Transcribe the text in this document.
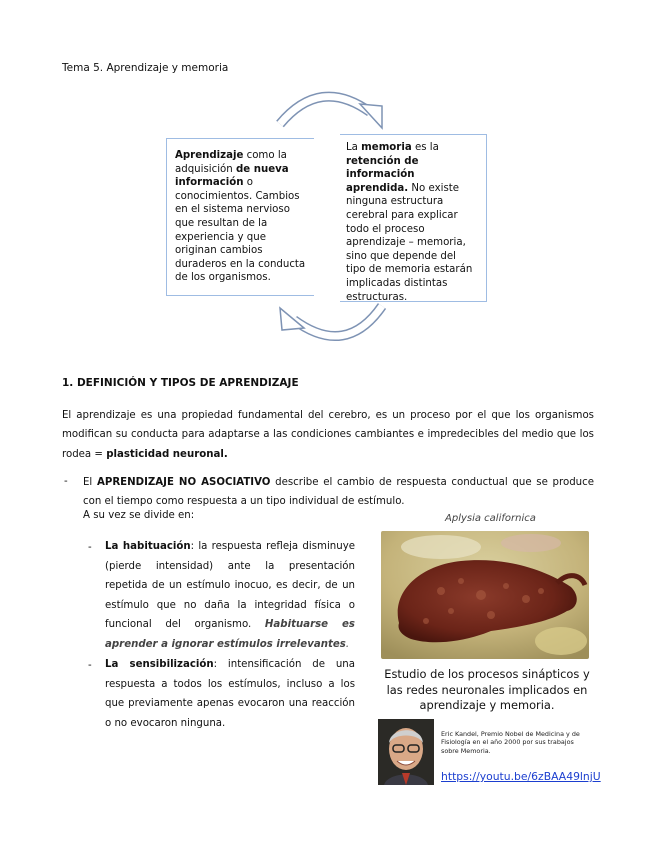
Tema 5. Aprendizaje y memoria
Aprendizaje como la adquisición de nueva información o conocimientos. Cambios en el sistema nervioso que resultan de la experiencia y que originan cambios duraderos en la conducta de los organismos.
La memoria es la retención de información aprendida. No existe ninguna estructura cerebral para explicar todo el proceso aprendizaje – memoria, sino que depende del tipo de memoria estarán implicadas distintas estructuras.
1. DEFINICIÓN Y TIPOS DE APRENDIZAJE
El aprendizaje es una propiedad fundamental del cerebro, es un proceso por el que los organismos modifican su conducta para adaptarse a las condiciones cambiantes e impredecibles del medio que los rodea = plasticidad neuronal.
- El APRENDIZAJE NO ASOCIATIVO describe el cambio de respuesta conductual que se produce con el tiempo como respuesta a un tipo individual de estímulo.
A su vez se divide en:
- La habituación: la respuesta refleja disminuye (pierde intensidad) ante la presentación repetida de un estímulo inocuo, es decir, de un estímulo que no daña la integridad física o funcional del organismo. Habituarse es aprender a ignorar estímulos irrelevantes.
- La sensibilización: intensificación de una respuesta a todos los estímulos, incluso a los que previamente apenas evocaron una reacción o no evocaron ninguna.
Aplysia californica
Estudio de los procesos sinápticos y las redes neuronales implicados en aprendizaje y memoria.
Eric Kandel, Premio Nobel de Medicina y de Fisiología en el año 2000 por sus trabajos sobre Memoria.
https://youtu.be/6zBAA49lnjU
